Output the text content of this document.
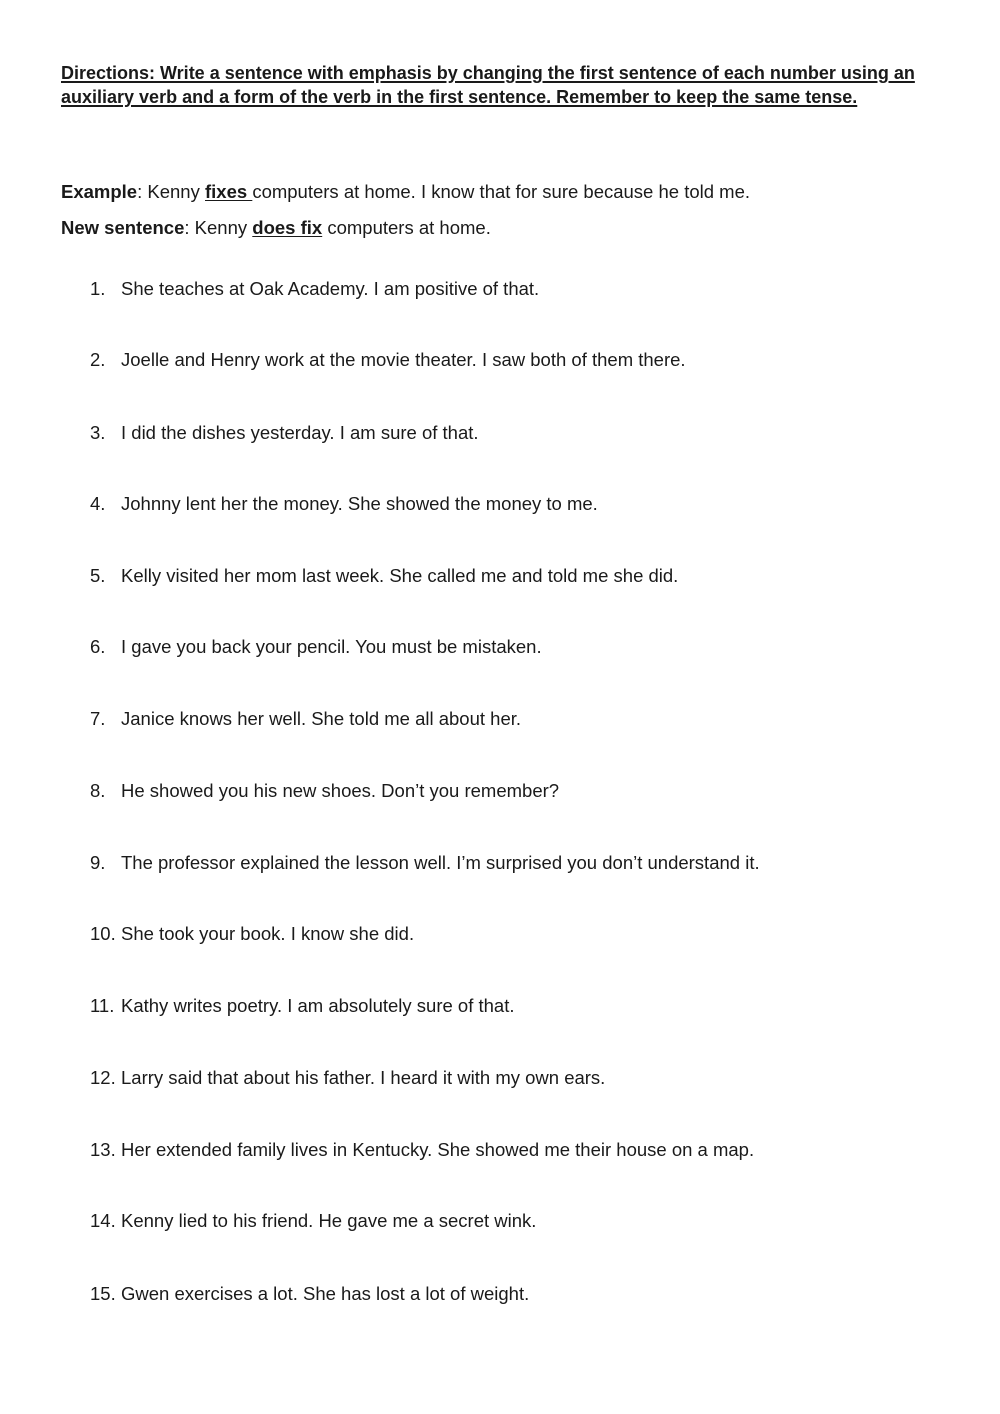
Directions: Write a sentence with emphasis by changing the first sentence of each number using an auxiliary verb and a form of the verb in the first sentence. Remember to keep the same tense.

Example: Kenny fixes computers at home. I know that for sure because he told me.

New sentence: Kenny does fix computers at home.

1. She teaches at Oak Academy. I am positive of that.
2. Joelle and Henry work at the movie theater. I saw both of them there.
3. I did the dishes yesterday. I am sure of that.
4. Johnny lent her the money. She showed the money to me.
5. Kelly visited her mom last week. She called me and told me she did.
6. I gave you back your pencil. You must be mistaken.
7. Janice knows her well. She told me all about her.
8. He showed you his new shoes. Don’t you remember?
9. The professor explained the lesson well. I’m surprised you don’t understand it.
10. She took your book. I know she did.
11. Kathy writes poetry. I am absolutely sure of that.
12. Larry said that about his father. I heard it with my own ears.
13. Her extended family lives in Kentucky. She showed me their house on a map.
14. Kenny lied to his friend. He gave me a secret wink.
15. Gwen exercises a lot. She has lost a lot of weight.
